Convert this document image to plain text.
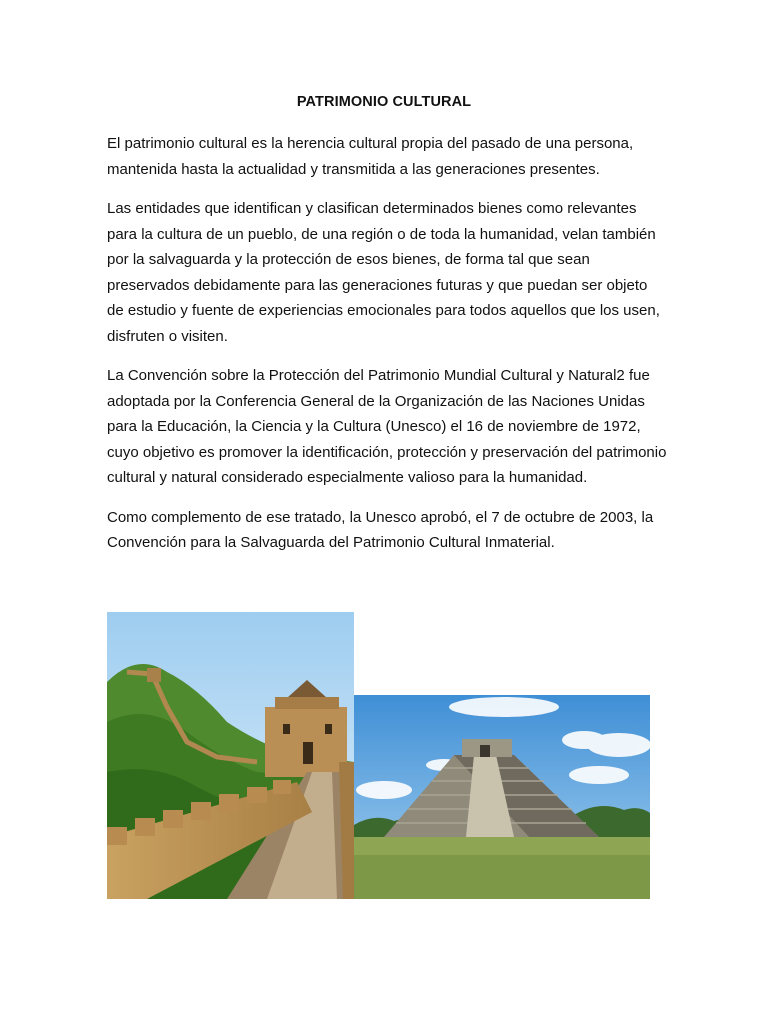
PATRIMONIO CULTURAL

El patrimonio cultural es la herencia cultural propia del pasado de una persona, mantenida hasta la actualidad y transmitida a las generaciones presentes.

Las entidades que identifican y clasifican determinados bienes como relevantes para la cultura de un pueblo, de una región o de toda la humanidad, velan también por la salvaguarda y la protección de esos bienes, de forma tal que sean preservados debidamente para las generaciones futuras y que puedan ser objeto de estudio y fuente de experiencias emocionales para todos aquellos que los usen, disfruten o visiten.

La Convención sobre la Protección del Patrimonio Mundial Cultural y Natural2 fue adoptada por la Conferencia General de la Organización de las Naciones Unidas para la Educación, la Ciencia y la Cultura (Unesco) el 16 de noviembre de 1972, cuyo objetivo es promover la identificación, protección y preservación del patrimonio cultural y natural considerado especialmente valioso para la humanidad.

Como complemento de ese tratado, la Unesco aprobó, el 7 de octubre de 2003, la Convención para la Salvaguarda del Patrimonio Cultural Inmaterial.
